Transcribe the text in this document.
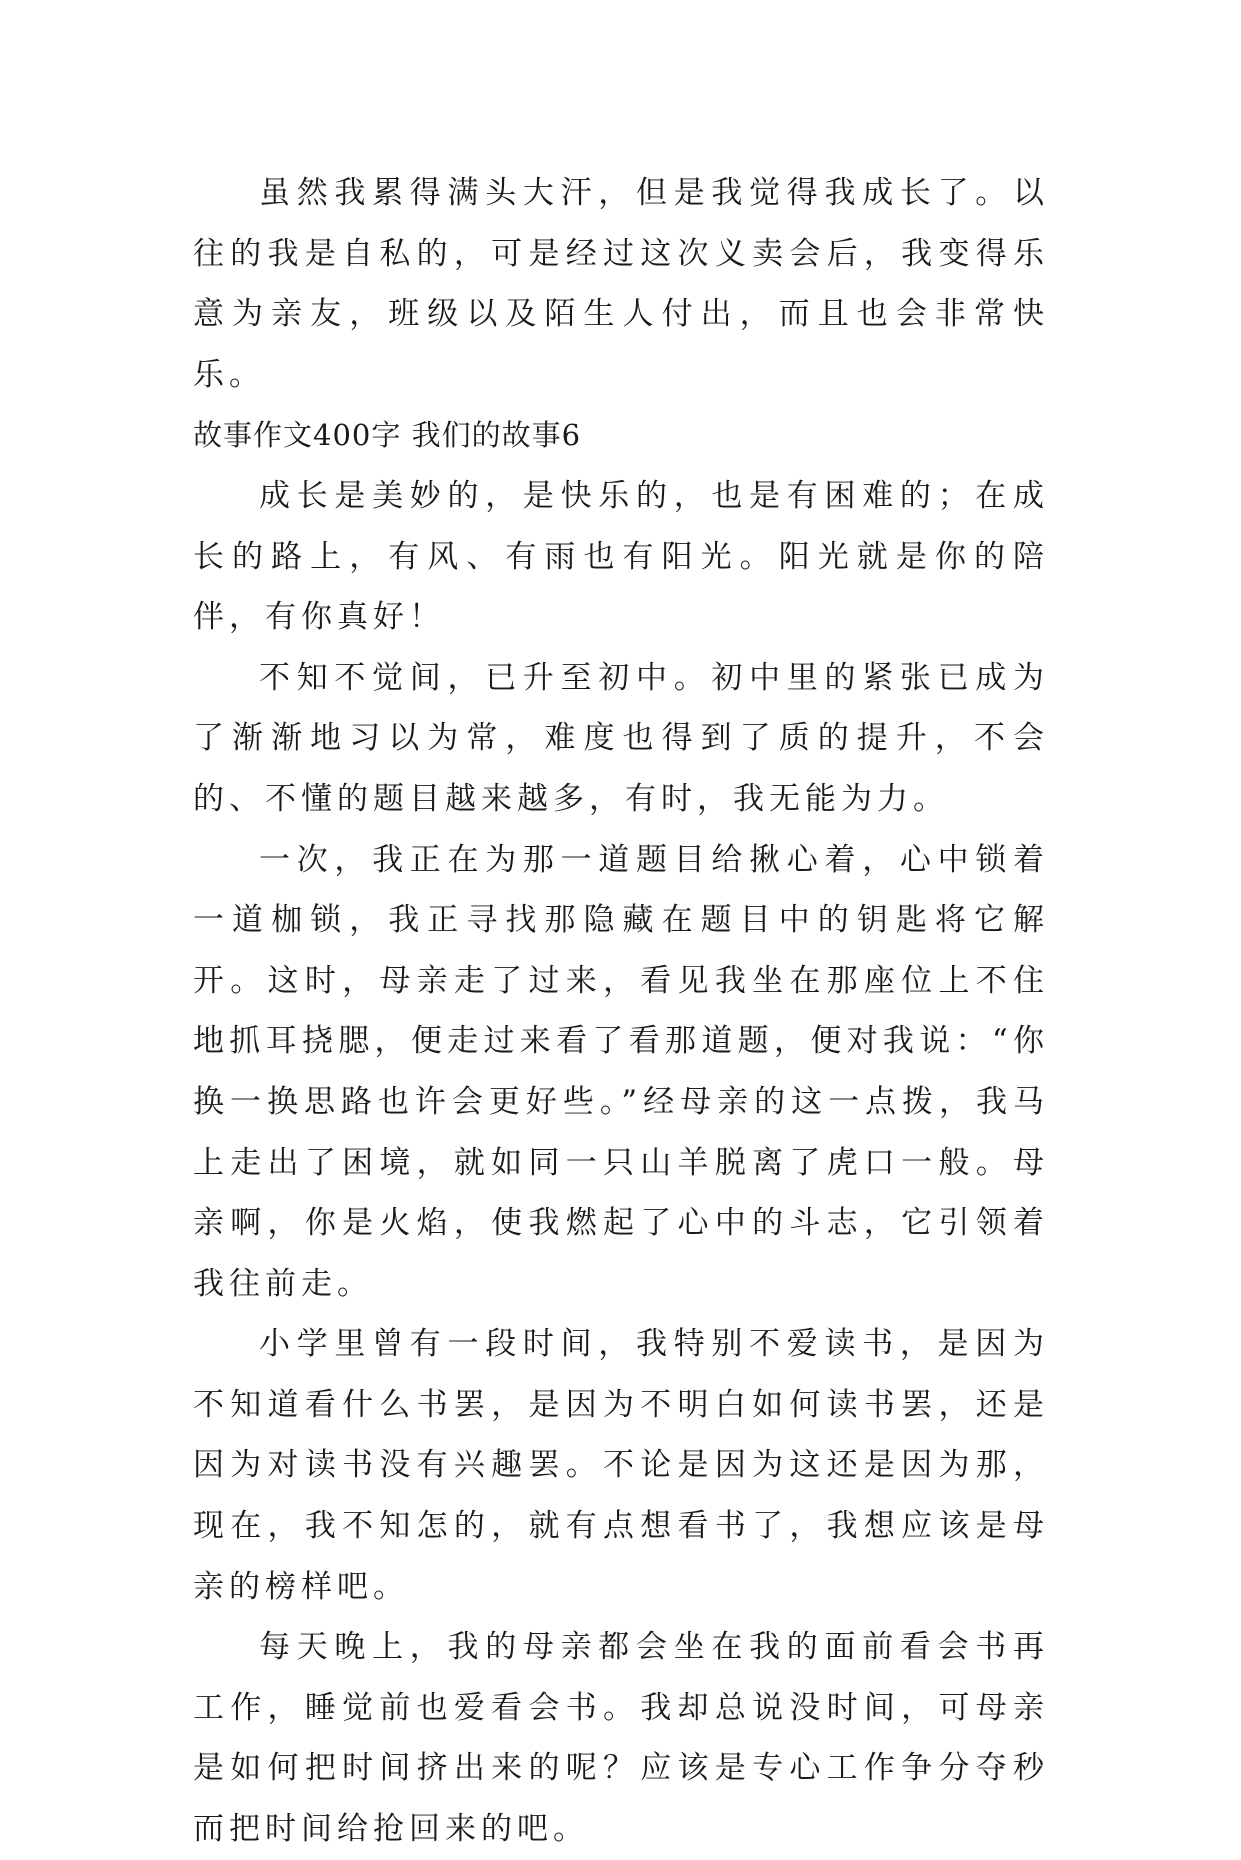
虽然我累得满头大汗，但是我觉得我成长了。以往的我是自私的，可是经过这次义卖会后，我变得乐意为亲友，班级以及陌生人付出，而且也会非常快乐。

故事作文400字 我们的故事6

成长是美妙的，是快乐的，也是有困难的；在成长的路上，有风、有雨也有阳光。阳光就是你的陪伴，有你真好！

不知不觉间，已升至初中。初中里的紧张已成为了渐渐地习以为常，难度也得到了质的提升，不会的、不懂的题目越来越多，有时，我无能为力。

一次，我正在为那一道题目给揪心着，心中锁着一道枷锁，我正寻找那隐藏在题目中的钥匙将它解开。这时，母亲走了过来，看见我坐在那座位上不住地抓耳挠腮，便走过来看了看那道题，便对我说：“你换一换思路也许会更好些。”经母亲的这一点拨，我马上走出了困境，就如同一只山羊脱离了虎口一般。母亲啊，你是火焰，使我燃起了心中的斗志，它引领着我往前走。

小学里曾有一段时间，我特别不爱读书，是因为不知道看什么书罢，是因为不明白如何读书罢，还是因为对读书没有兴趣罢。不论是因为这还是因为那，现在，我不知怎的，就有点想看书了，我想应该是母亲的榜样吧。

每天晚上，我的母亲都会坐在我的面前看会书再工作，睡觉前也爱看会书。我却总说没时间，可母亲是如何把时间挤出来的呢？应该是专心工作争分夺秒而把时间给抢回来的吧。
